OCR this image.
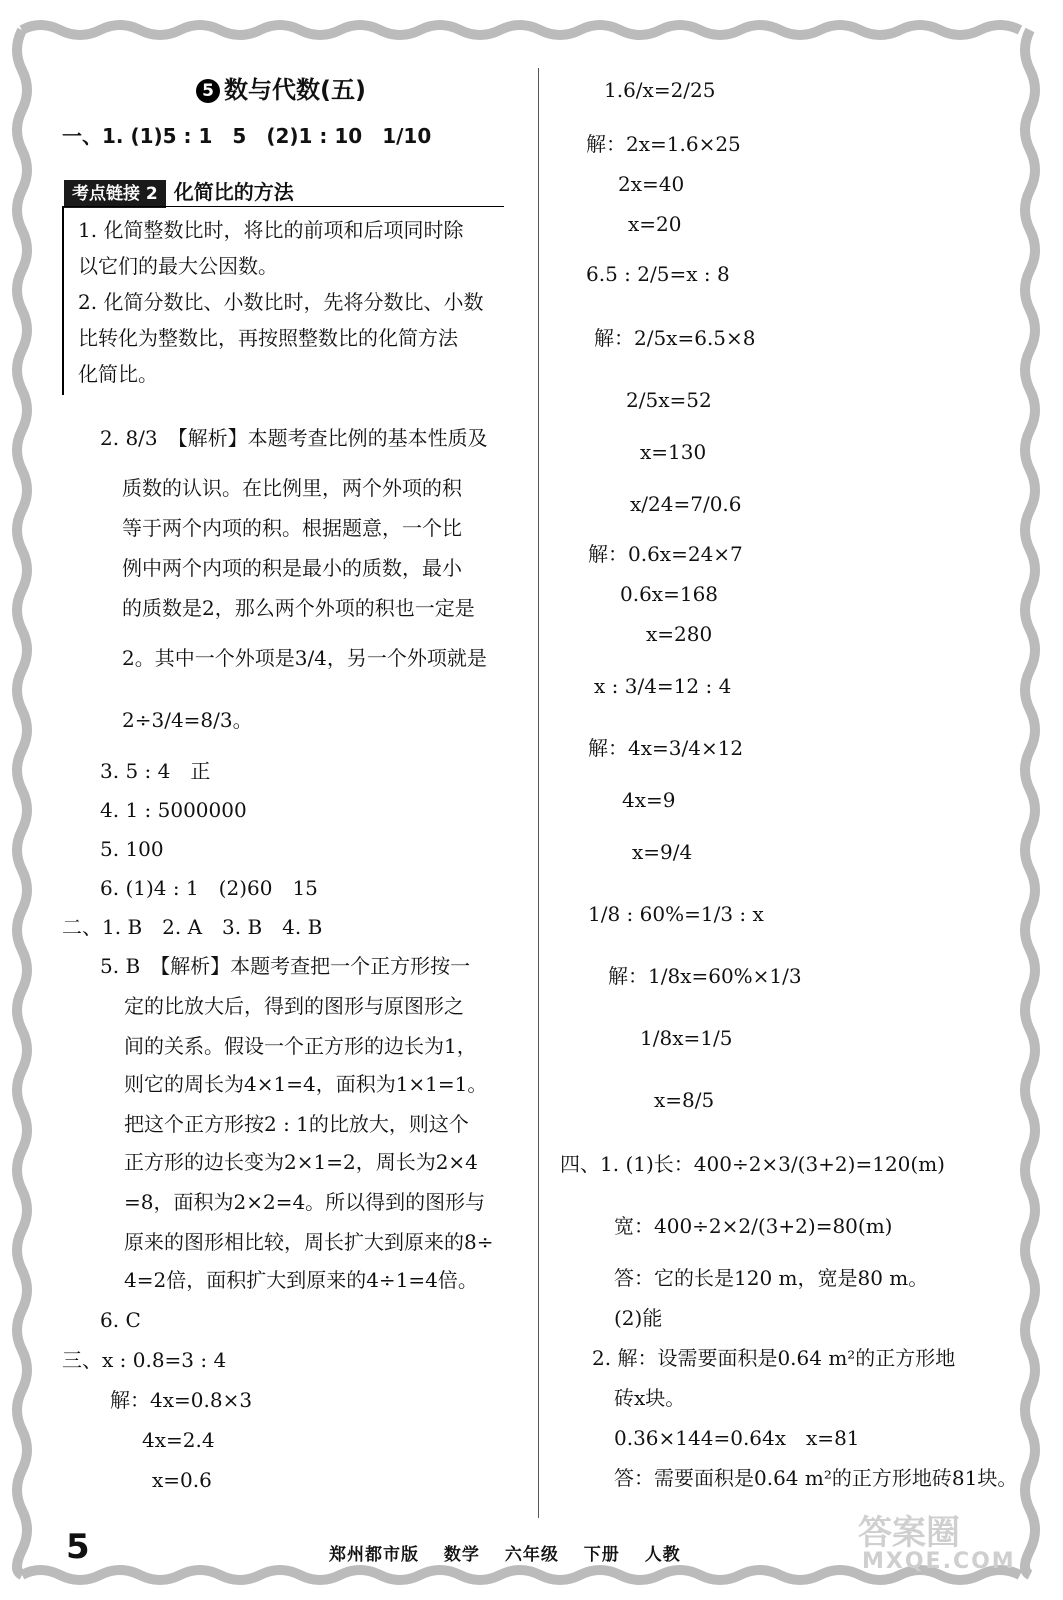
5 数与代数(五)
考点链接 2 化简比的方法
1. 化简整数比时，将比的前项和后项同时除
以它们的最大公因数。
2. 化简分数比、小数比时，先将分数比、小数
比转化为整数比，再按照整数比的化简方法
化简比。
一、1. (1)5 : 1　5　(2)1 : 10　1/10
2. 8/3　【解析】本题考查比例的基本性质及
质数的认识。在比例里，两个外项的积
等于两个内项的积。根据题意，一个比
例中两个内项的积是最小的质数，最小
的质数是2，那么两个外项的积也一定是
2。其中一个外项是3/4，另一个外项就是
2÷3/4=8/3。
3. 5 : 4　正
4. 1 : 5000000
5. 100
6. (1)4 : 1　(2)60　15
二、1. B　2. A　3. B　4. B
5. B　【解析】本题考查把一个正方形按一
定的比放大后，得到的图形与原图形之
间的关系。假设一个正方形的边长为1，
则它的周长为4×1=4，面积为1×1=1。
把这个正方形按2 : 1的比放大，则这个
正方形的边长变为2×1=2，周长为2×4
=8，面积为2×2=4。所以得到的图形与
原来的图形相比较，周长扩大到原来的8÷
4=2倍，面积扩大到原来的4÷1=4倍。
6. C
三、x : 0.8=3 : 4
解：4x=0.8×3
4x=2.4
x=0.6
1.6/x=2/25
解：2x=1.6×25
2x=40
x=20
6.5 : 2/5=x : 8
解：2/5x=6.5×8
2/5x=52
x=130
x/24=7/0.6
解：0.6x=24×7
0.6x=168
x=280
x : 3/4=12 : 4
解：4x=3/4×12
4x=9
x=9/4
1/8 : 60%=1/3 : x
解：1/8x=60%×1/3
1/8x=1/5
x=8/5
四、1. (1)长：400÷2×3/(3+2)=120(m)
宽：400÷2×2/(3+2)=80(m)
答：它的长是120 m，宽是80 m。
(2)能
2. 解：设需要面积是0.64 m²的正方形地
砖x块。
0.36×144=0.64x　x=81
答：需要面积是0.64 m²的正方形地砖81块。
5	郑州都市版 数学 六年级 下册 人教
答案圈
MXQE.COM
